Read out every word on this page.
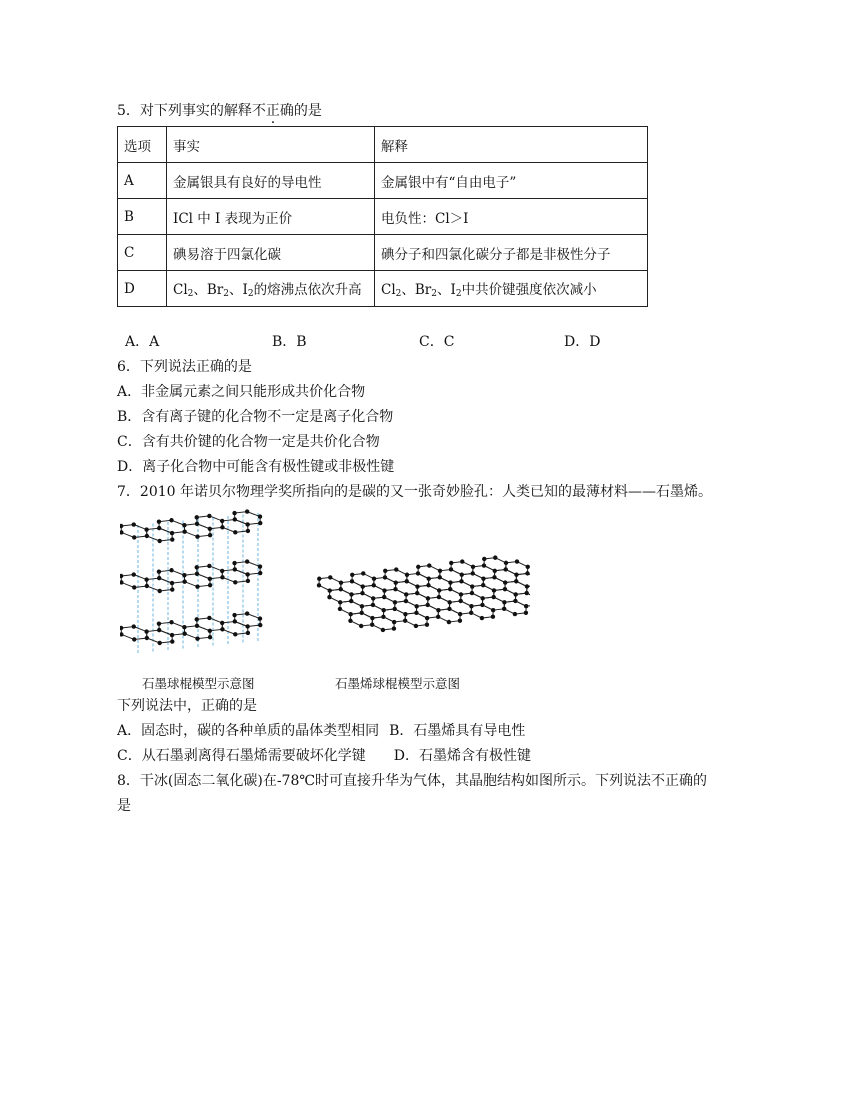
5．对下列事实的解释不正确的是
选项	事实	解释
A	金属银具有良好的导电性	金属银中有“自由电子”
B	ICl 中 I 表现为正价	电负性：Cl＞I
C	碘易溶于四氯化碳	碘分子和四氯化碳分子都是非极性分子
D	$Cl_2$、$Br_2$、$I_2$的熔沸点依次升高	$Cl_2$、$Br_2$、$I_2$中共价键强度依次减小
A．A	B．B	C．C	D．D
6．下列说法正确的是
A．非金属元素之间只能形成共价化合物
B．含有离子键的化合物不一定是离子化合物
C．含有共价键的化合物一定是共价化合物
D．离子化合物中可能含有极性键或非极性键
7．2010 年诺贝尔物理学奖所指向的是碳的又一张奇妙脸孔：人类已知的最薄材料——石墨烯。
石墨球棍模型示意图	石墨烯球棍模型示意图
下列说法中，正确的是
A．固态时，碳的各种单质的晶体类型相同 B．石墨烯具有导电性
C．从石墨剥离得石墨烯需要破坏化学键 D．石墨烯含有极性键
8．干冰(固态二氧化碳)在-78℃时可直接升华为气体，其晶胞结构如图所示。下列说法不正确的
是
